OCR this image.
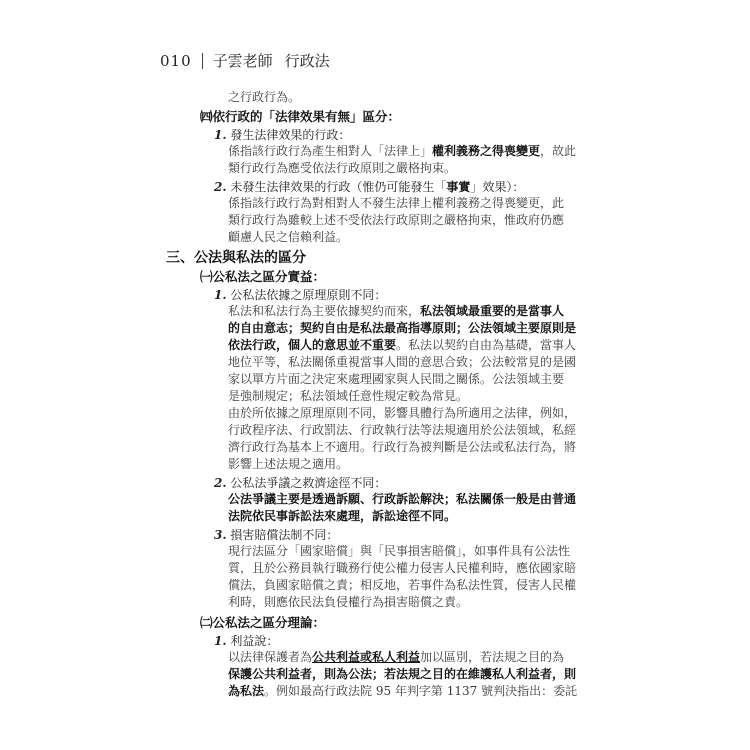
010 子雲老師 行政法
之行政行為。
㈣依行政的「法律效果有無」區分：
1. 發生法律效果的行政：
係指該行政行為產生相對人「法律上」權利義務之得喪變更，故此
類行政行為應受依法行政原則之嚴格拘束。
2. 未發生法律效果的行政（惟仍可能發生「事實」效果）：
係指該行政行為對相對人不發生法律上權利義務之得喪變更，此
類行政行為雖較上述不受依法行政原則之嚴格拘束，惟政府仍應
顧慮人民之信賴利益。
三、公法與私法的區分
㈠公私法之區分實益：
1. 公私法依據之原理原則不同：
私法和私法行為主要依據契約而來，私法領域最重要的是當事人
的自由意志；契約自由是私法最高指導原則；公法領域主要原則是
依法行政，個人的意思並不重要。私法以契約自由為基礎，當事人
地位平等，私法關係重視當事人間的意思合致；公法較常見的是國
家以單方片面之決定來處理國家與人民間之關係。公法領域主要
是強制規定；私法領域任意性規定較為常見。
由於所依據之原理原則不同，影響具體行為所適用之法律，例如，
行政程序法、行政罰法、行政執行法等法規適用於公法領域，私經
濟行政行為基本上不適用。行政行為被判斷是公法或私法行為，將
影響上述法規之適用。
2. 公私法爭議之救濟途徑不同：
公法爭議主要是透過訴願、行政訴訟解決；私法關係一般是由普通
法院依民事訴訟法來處理，訴訟途徑不同。
3. 損害賠償法制不同：
現行法區分「國家賠償」與「民事損害賠償」，如事件具有公法性
質，且於公務員執行職務行使公權力侵害人民權利時，應依國家賠
償法，負國家賠償之責；相反地，若事件為私法性質，侵害人民權
利時，則應依民法負侵權行為損害賠償之責。
㈡公私法之區分理論：
1. 利益說：
以法律保護者為公共利益或私人利益加以區別，若法規之目的為
保護公共利益者，則為公法；若法規之目的在維護私人利益者，則
為私法。例如最高行政法院 95 年判字第 1137 號判決指出：委託
